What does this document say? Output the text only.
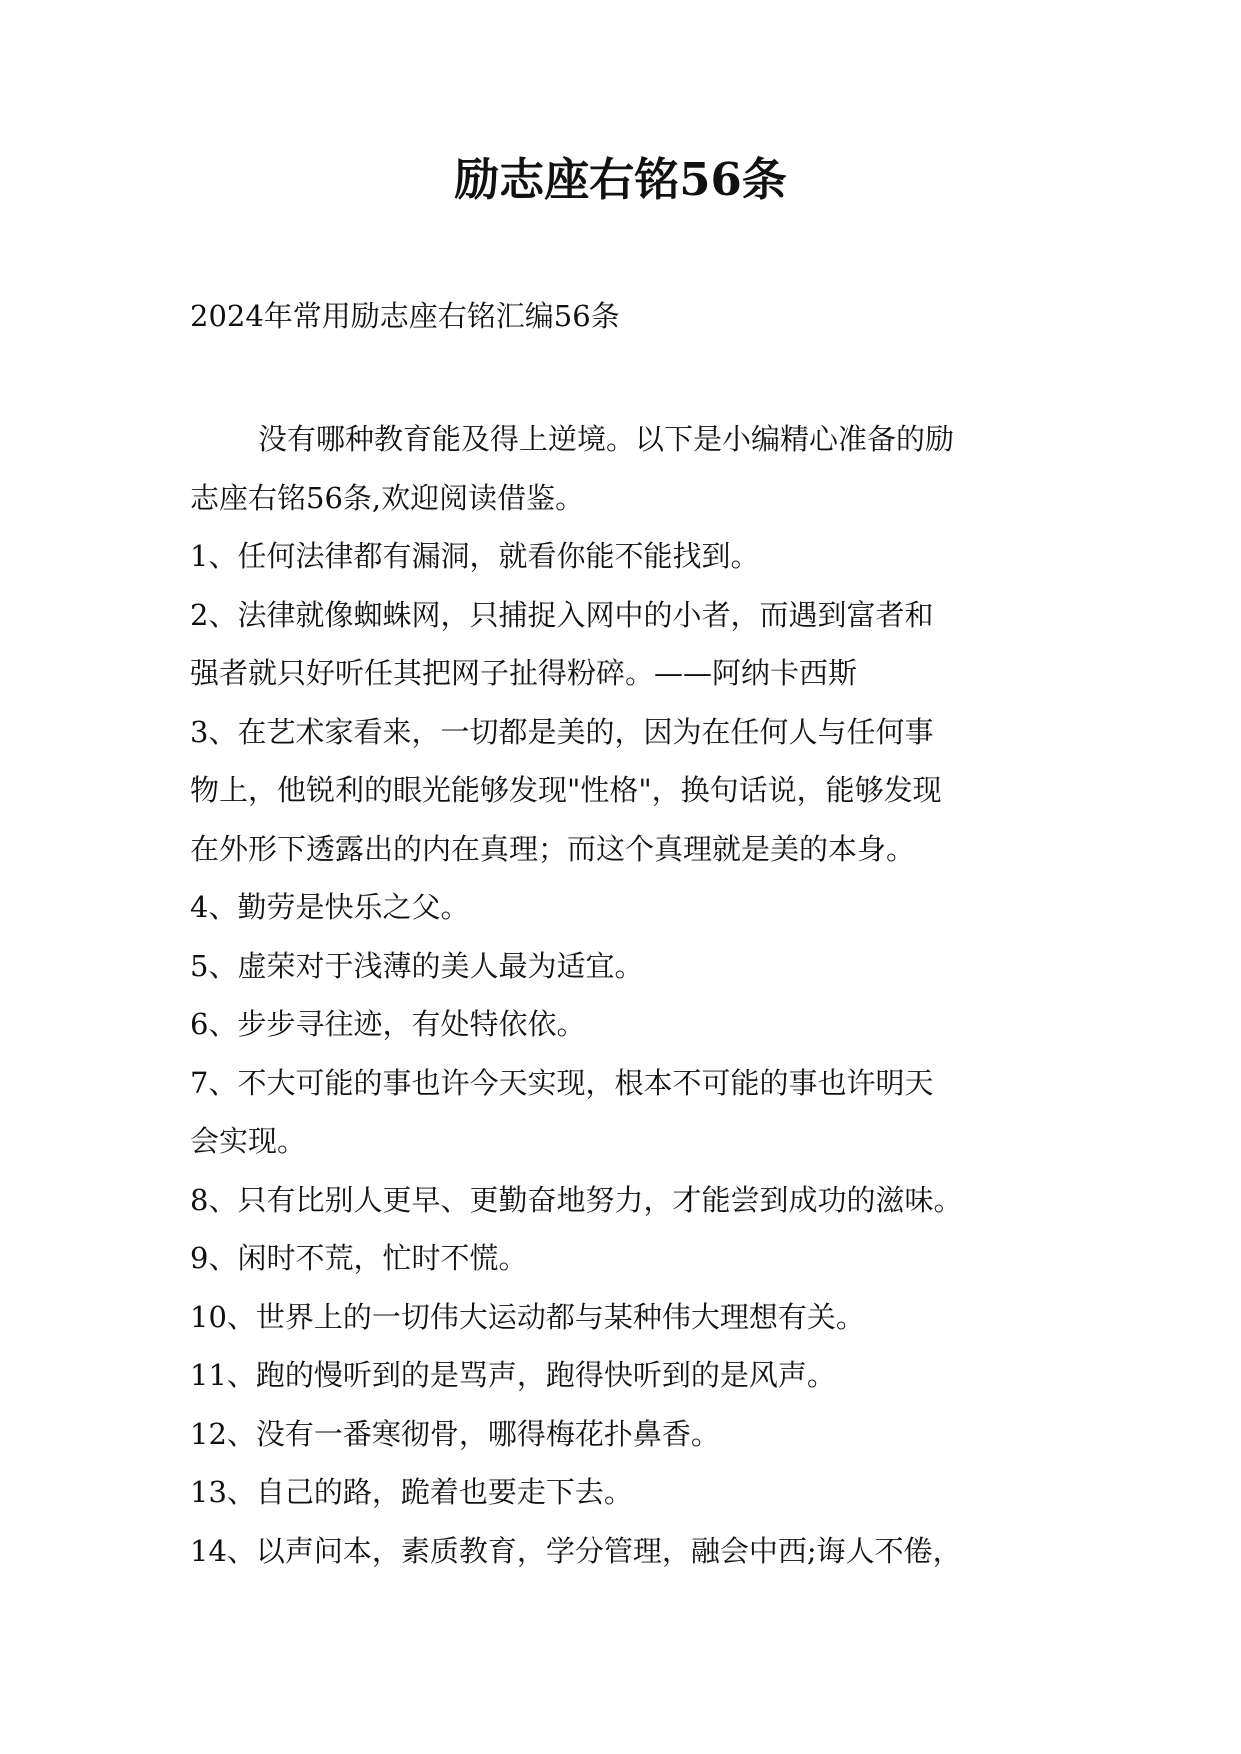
励志座右铭56条

2024年常用励志座右铭汇编56条

没有哪种教育能及得上逆境。以下是小编精心准备的励
志座右铭56条,欢迎阅读借鉴。
1、任何法律都有漏洞，就看你能不能找到。
2、法律就像蜘蛛网，只捕捉入网中的小者，而遇到富者和
强者就只好听任其把网子扯得粉碎。——阿纳卡西斯
3、在艺术家看来，一切都是美的，因为在任何人与任何事
物上，他锐利的眼光能够发现"性格"，换句话说，能够发现
在外形下透露出的内在真理；而这个真理就是美的本身。
4、勤劳是快乐之父。
5、虚荣对于浅薄的美人最为适宜。
6、步步寻往迹，有处特依依。
7、不大可能的事也许今天实现，根本不可能的事也许明天
会实现。
8、只有比别人更早、更勤奋地努力，才能尝到成功的滋味。
9、闲时不荒，忙时不慌。
10、世界上的一切伟大运动都与某种伟大理想有关。
11、跑的慢听到的是骂声，跑得快听到的是风声。
12、没有一番寒彻骨，哪得梅花扑鼻香。
13、自己的路，跪着也要走下去。
14、以声问本，素质教育，学分管理，融会中西;诲人不倦，
